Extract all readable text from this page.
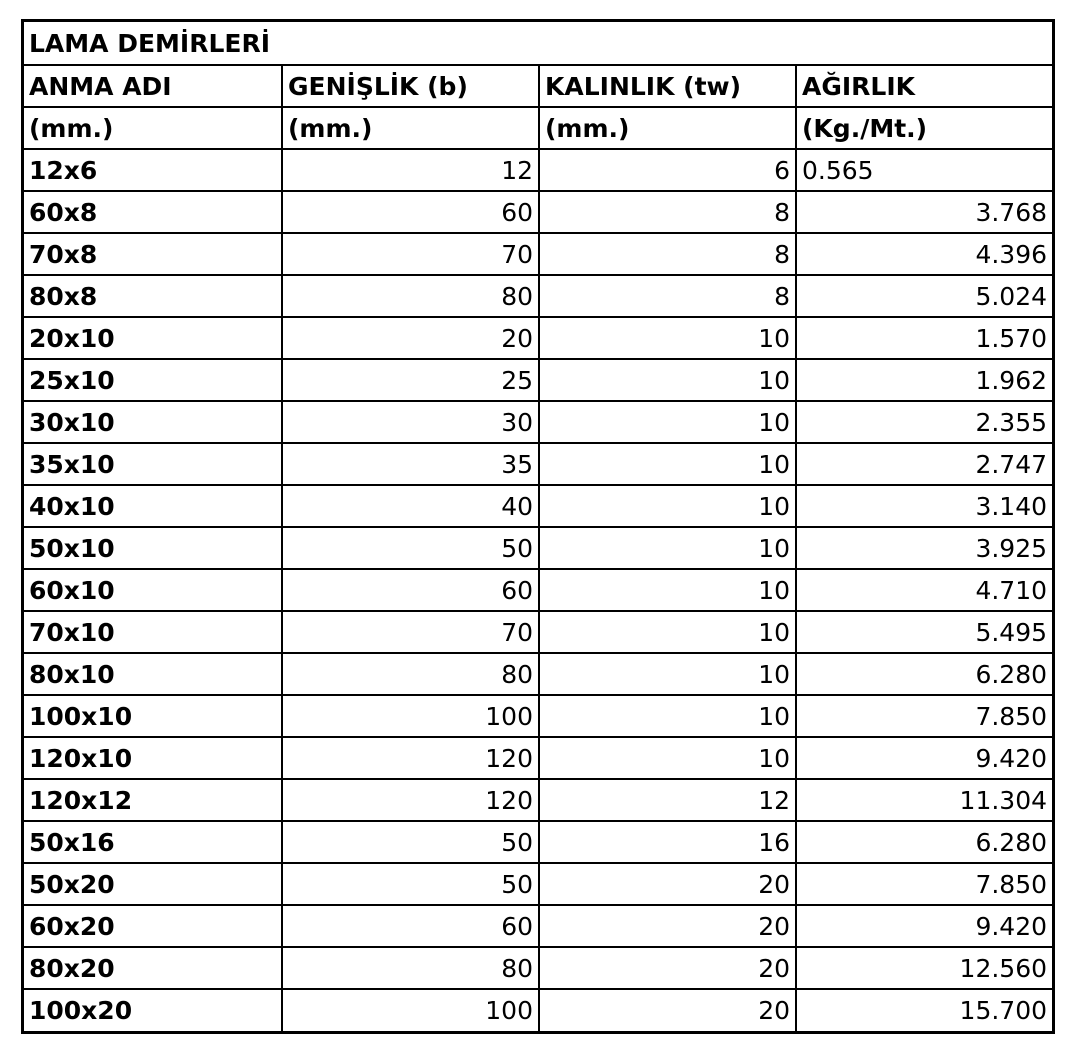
LAMA DEMİRLERİ			
ANMA ADI	GENİŞLİK (b)	KALINLIK (tw)	AĞIRLIK
(mm.)	(mm.)	(mm.)	(Kg./Mt.)
12x6	12	6	0.565
60x8	60	8	3.768
70x8	70	8	4.396
80x8	80	8	5.024
20x10	20	10	1.570
25x10	25	10	1.962
30x10	30	10	2.355
35x10	35	10	2.747
40x10	40	10	3.140
50x10	50	10	3.925
60x10	60	10	4.710
70x10	70	10	5.495
80x10	80	10	6.280
100x10	100	10	7.850
120x10	120	10	9.420
120x12	120	12	11.304
50x16	50	16	6.280
50x20	50	20	7.850
60x20	60	20	9.420
80x20	80	20	12.560
100x20	100	20	15.700
